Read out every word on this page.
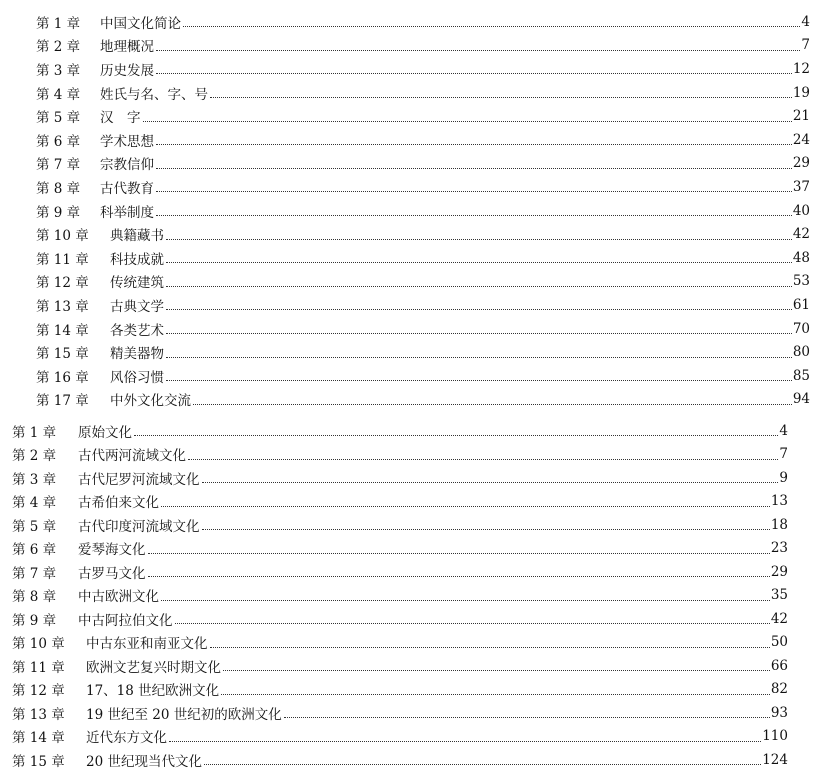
第 1 章	中国文化简论	4
第 2 章	地理概况	7
第 3 章	历史发展	12
第 4 章	姓氏与名、字、号	19
第 5 章	汉　字	21
第 6 章	学术思想	24
第 7 章	宗教信仰	29
第 8 章	古代教育	37
第 9 章	科举制度	40
第 10 章	典籍藏书	42
第 11 章	科技成就	48
第 12 章	传统建筑	53
第 13 章	古典文学	61
第 14 章	各类艺术	70
第 15 章	精美器物	80
第 16 章	风俗习惯	85
第 17 章	中外文化交流	94
第 1 章	原始文化	4
第 2 章	古代两河流域文化	7
第 3 章	古代尼罗河流域文化	9
第 4 章	古希伯来文化	13
第 5 章	古代印度河流域文化	18
第 6 章	爱琴海文化	23
第 7 章	古罗马文化	29
第 8 章	中古欧洲文化	35
第 9 章	中古阿拉伯文化	42
第 10 章	中古东亚和南亚文化	50
第 11 章	欧洲文艺复兴时期文化	66
第 12 章	17、18 世纪欧洲文化	82
第 13 章	19 世纪至 20 世纪初的欧洲文化	93
第 14 章	近代东方文化	110
第 15 章	20 世纪现当代文化	124
